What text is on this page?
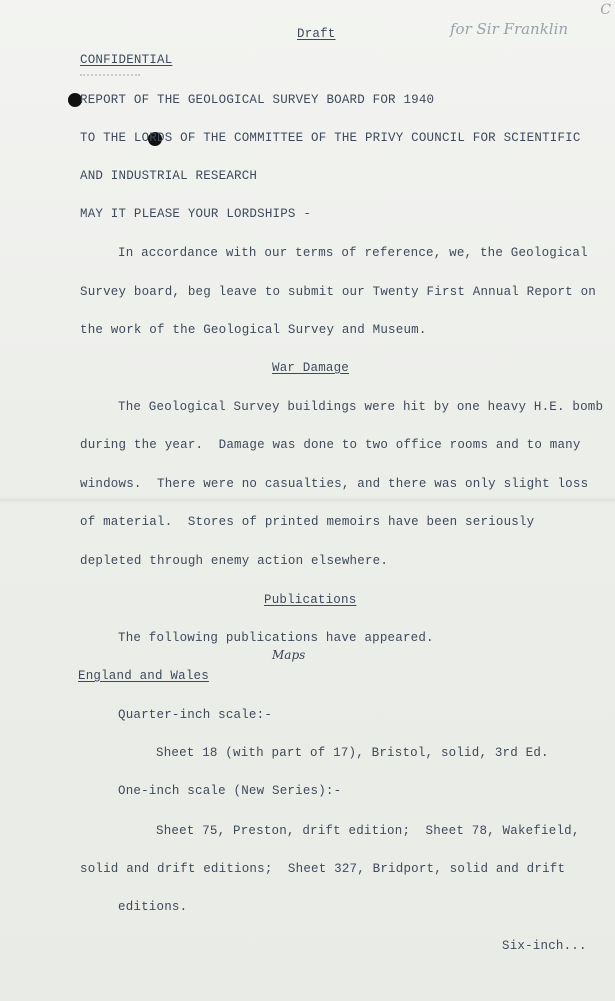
for Sir Franklin
C
Draft
CONFIDENTIAL
REPORT OF THE GEOLOGICAL SURVEY BOARD FOR 1940
TO THE LORDS OF THE COMMITTEE OF THE PRIVY COUNCIL FOR SCIENTIFIC
AND INDUSTRIAL RESEARCH
MAY IT PLEASE YOUR LORDSHIPS -
In accordance with our terms of reference, we, the Geological
Survey board, beg leave to submit our Twenty First Annual Report on
the work of the Geological Survey and Museum.
War Damage
The Geological Survey buildings were hit by one heavy H.E. bomb
during the year.  Damage was done to two office rooms and to many
windows.  There were no casualties, and there was only slight loss
of material.  Stores of printed memoirs have been seriously
depleted through enemy action elsewhere.
Publications
The following publications have appeared.
Maps
England and Wales
Quarter-inch scale:-
Sheet 18 (with part of 17), Bristol, solid, 3rd Ed.
One-inch scale (New Series):-
Sheet 75, Preston, drift edition;  Sheet 78, Wakefield,
solid and drift editions;  Sheet 327, Bridport, solid and drift
editions.
Six-inch...
